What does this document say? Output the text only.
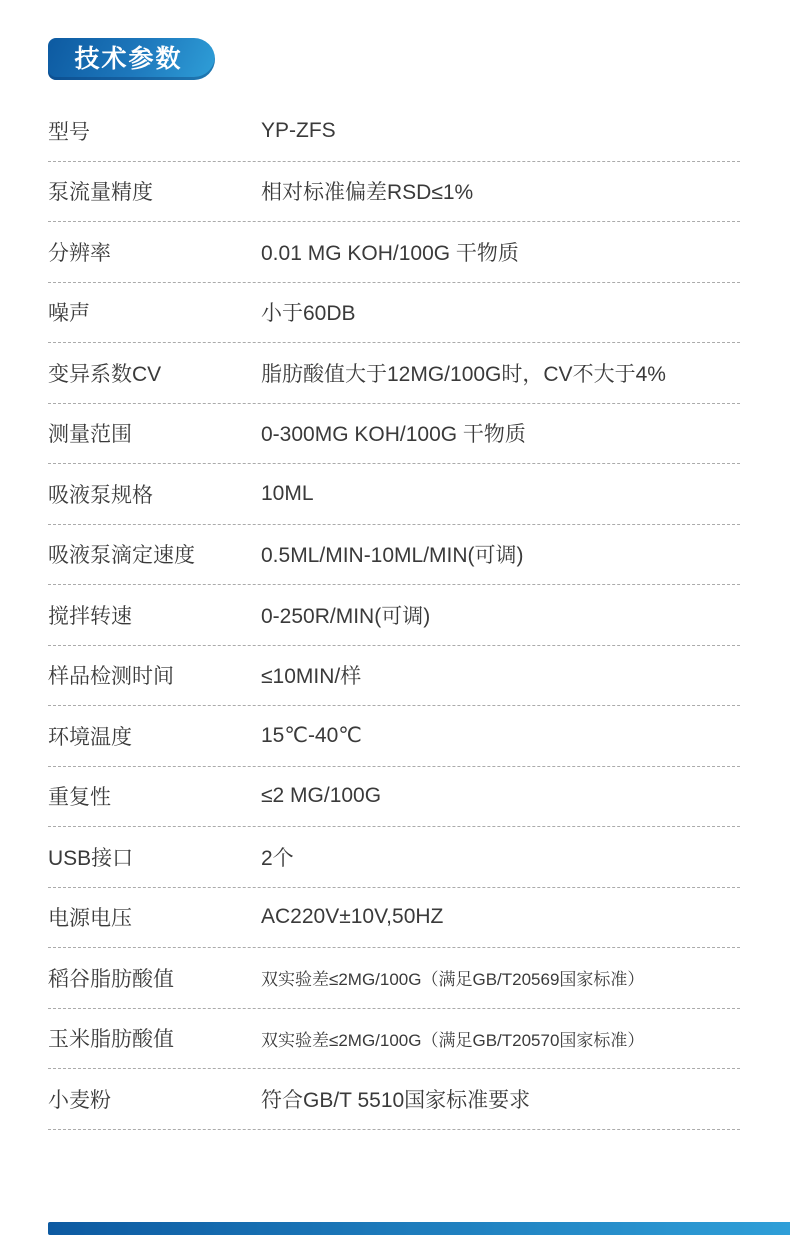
技术参数
型号	YP-ZFS
泵流量精度	相对标准偏差RSD≤1%
分辨率	0.01 MG KOH/100G 干物质
噪声	小于60DB
变异系数CV	脂肪酸值大于12MG/100G时，CV不大于4%
测量范围	0-300MG KOH/100G 干物质
吸液泵规格	10ML
吸液泵滴定速度	0.5ML/MIN-10ML/MIN(可调)
搅拌转速	0-250R/MIN(可调)
样品检测时间	≤10MIN/样
环境温度	15℃-40℃
重复性	≤2 MG/100G
USB接口	2个
电源电压	AC220V±10V,50HZ
稻谷脂肪酸值	双实验差≤2MG/100G（满足GB/T20569国家标准）
玉米脂肪酸值	双实验差≤2MG/100G（满足GB/T20570国家标准）
小麦粉	符合GB/T 5510国家标准要求
